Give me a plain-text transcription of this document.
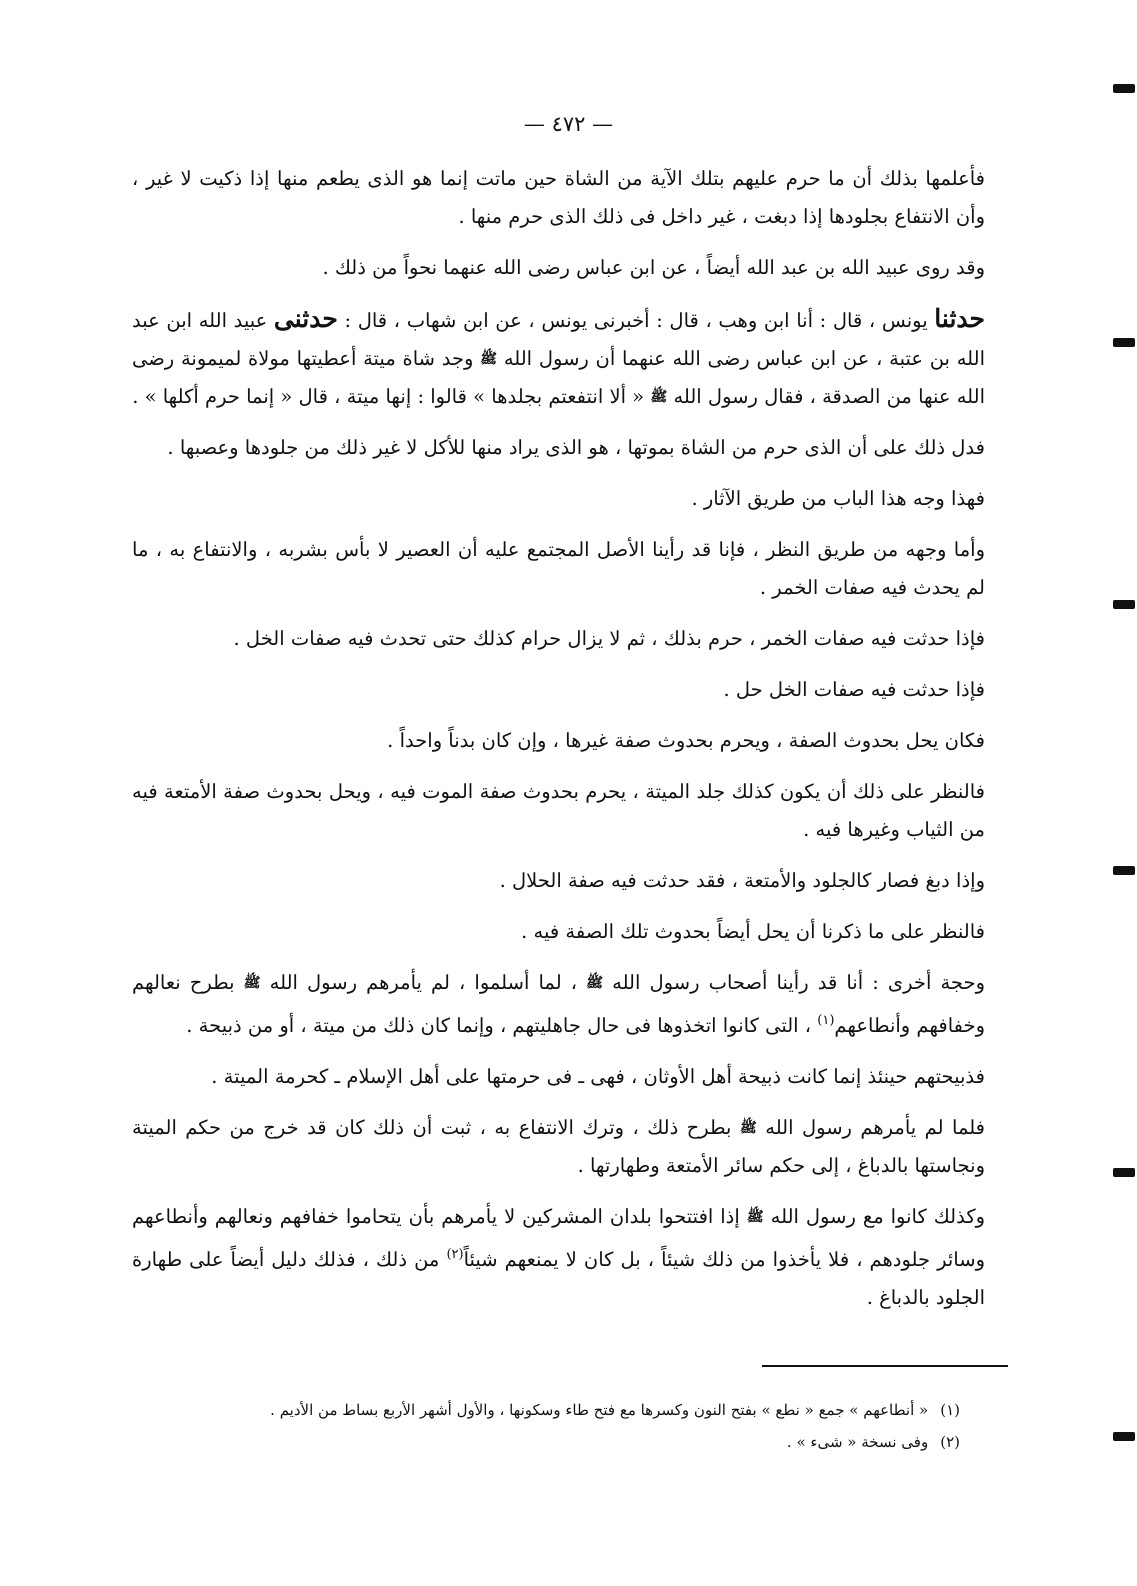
— ٤٧٢ —

فأعلمها بذلك أن ما حرم عليهم بتلك الآية من الشاة حين ماتت إنما هو الذى يطعم منها إذا ذكيت لا غير ، وأن الانتفاع بجلودها إذا دبغت ، غير داخل فى ذلك الذى حرم منها .

وقد روى عبيد الله بن عبد الله أيضاً ، عن ابن عباس رضى الله عنهما نحواً من ذلك .

حدثنا يونس ، قال : أنا ابن وهب ، قال : أخبرنى يونس ، عن ابن شهاب ، قال : حدثنى عبيد الله ابن عبد الله بن عتبة ، عن ابن عباس رضى الله عنهما أن رسول الله ﷺ وجد شاة ميتة أعطيتها مولاة لميمونة رضى الله عنها من الصدقة ، فقال رسول الله ﷺ « ألا انتفعتم بجلدها » قالوا : إنها ميتة ، قال « إنما حرم أكلها » .

فدل ذلك على أن الذى حرم من الشاة بموتها ، هو الذى يراد منها للأكل لا غير ذلك من جلودها وعصبها .

فهذا وجه هذا الباب من طريق الآثار .

وأما وجهه من طريق النظر ، فإنا قد رأينا الأصل المجتمع عليه أن العصير لا بأس بشربه ، والانتفاع به ، ما لم يحدث فيه صفات الخمر .

فإذا حدثت فيه صفات الخمر ، حرم بذلك ، ثم لا يزال حرام كذلك حتى تحدث فيه صفات الخل .

فإذا حدثت فيه صفات الخل حل .

فكان يحل بحدوث الصفة ، ويحرم بحدوث صفة غيرها ، وإن كان بدناً واحداً .

فالنظر على ذلك أن يكون كذلك جلد الميتة ، يحرم بحدوث صفة الموت فيه ، ويحل بحدوث صفة الأمتعة فيه من الثياب وغيرها فيه .

وإذا دبغ فصار كالجلود والأمتعة ، فقد حدثت فيه صفة الحلال .

فالنظر على ما ذكرنا أن يحل أيضاً بحدوث تلك الصفة فيه .

وحجة أخرى : أنا قد رأينا أصحاب رسول الله ﷺ ، لما أسلموا ، لم يأمرهم رسول الله ﷺ بطرح نعالهم وخفافهم وأنطاعهم$^{(١)}$ ، التى كانوا اتخذوها فى حال جاهليتهم ، وإنما كان ذلك من ميتة ، أو من ذبيحة .

فذبيحتهم حينئذ إنما كانت ذبيحة أهل الأوثان ، فهى ـ فى حرمتها على أهل الإسلام ـ كحرمة الميتة .

فلما لم يأمرهم رسول الله ﷺ بطرح ذلك ، وترك الانتفاع به ، ثبت أن ذلك كان قد خرج من حكم الميتة ونجاستها بالدباغ ، إلى حكم سائر الأمتعة وطهارتها .

وكذلك كانوا مع رسول الله ﷺ إذا افتتحوا بلدان المشركين لا يأمرهم بأن يتحاموا خفافهم ونعالهم وأنطاعهم وسائر جلودهم ، فلا يأخذوا من ذلك شيئاً ، بل كان لا يمنعهم شيئاً$^{(٢)}$ من ذلك ، فذلك دليل أيضاً على طهارة الجلود بالدباغ .

(١)« أنطاعهم » جمع « نطع » بفتح النون وكسرها مع فتح طاء وسكونها ، والأول أشهر الأربع بساط من الأديم .

(٢)وفى نسخة « شىء » .
